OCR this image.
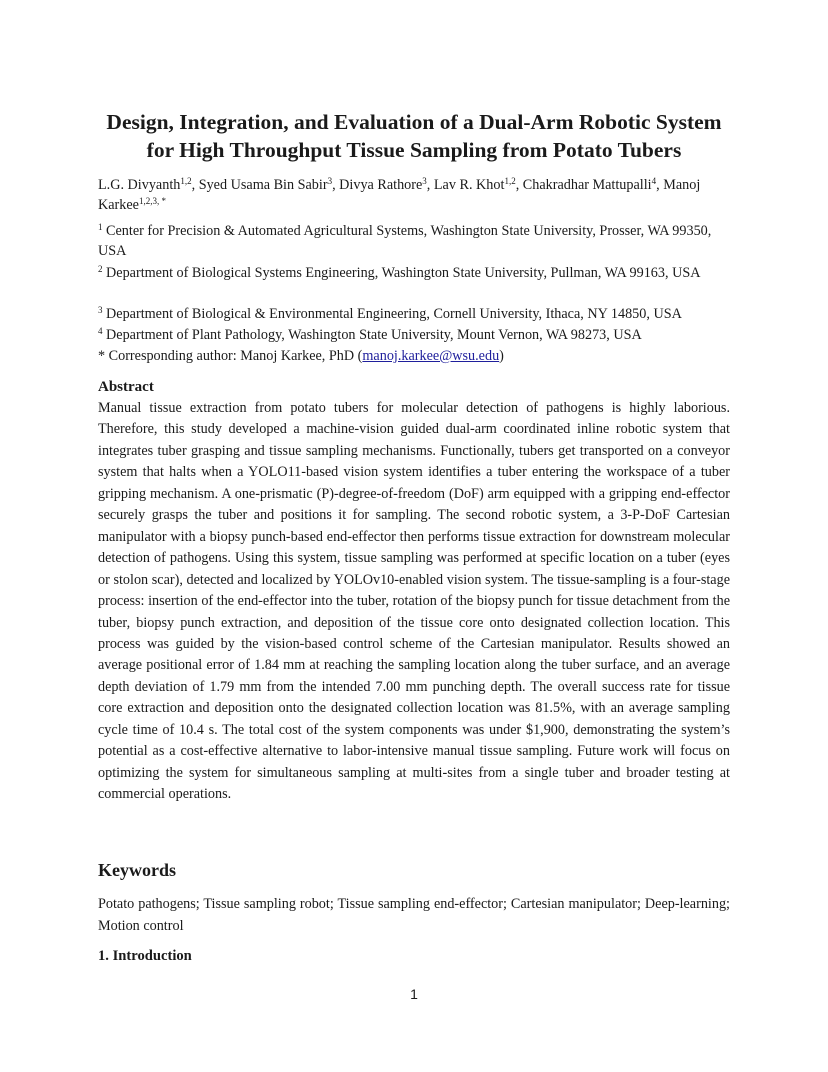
Design, Integration, and Evaluation of a Dual-Arm Robotic System
for High Throughput Tissue Sampling from Potato Tubers
L.G. Divyanth$^{1,2}$, Syed Usama Bin Sabir$^3$, Divya Rathore$^3$, Lav R. Khot$^{1,2}$, Chakradhar Mattupalli$^4$, Manoj Karkee$^{1,2,3, *}$
$^1$ Center for Precision & Automated Agricultural Systems, Washington State University, Prosser, WA 99350, USA
$^2$ Department of Biological Systems Engineering, Washington State University, Pullman, WA 99163, USA
$^3$ Department of Biological & Environmental Engineering, Cornell University, Ithaca, NY 14850, USA
$^4$ Department of Plant Pathology, Washington State University, Mount Vernon, WA 98273, USA
* Corresponding author: Manoj Karkee, PhD (manoj.karkee@wsu.edu)
Abstract
Manual tissue extraction from potato tubers for molecular detection of pathogens is highly laborious. Therefore, this study developed a machine-vision guided dual-arm coordinated inline robotic system that integrates tuber grasping and tissue sampling mechanisms. Functionally, tubers get transported on a conveyor system that halts when a YOLO11-based vision system identifies a tuber entering the workspace of a tuber gripping mechanism. A one-prismatic (P)-degree-of-freedom (DoF) arm equipped with a gripping end-effector securely grasps the tuber and positions it for sampling. The second robotic system, a 3-P-DoF Cartesian manipulator with a biopsy punch-based end-effector then performs tissue extraction for downstream molecular detection of pathogens. Using this system, tissue sampling was performed at specific location on a tuber (eyes or stolon scar), detected and localized by YOLOv10-enabled vision system. The tissue-sampling is a four-stage process: insertion of the end-effector into the tuber, rotation of the biopsy punch for tissue detachment from the tuber, biopsy punch extraction, and deposition of the tissue core onto designated collection location. This process was guided by the vision-based control scheme of the Cartesian manipulator. Results showed an average positional error of 1.84 mm at reaching the sampling location along the tuber surface, and an average depth deviation of 1.79 mm from the intended 7.00 mm punching depth. The overall success rate for tissue core extraction and deposition onto the designated collection location was 81.5%, with an average sampling cycle time of 10.4 s. The total cost of the system components was under $1,900, demonstrating the system’s potential as a cost-effective alternative to labor-intensive manual tissue sampling. Future work will focus on optimizing the system for simultaneous sampling at multi-sites from a single tuber and broader testing at commercial operations.
Keywords
Potato pathogens; Tissue sampling robot; Tissue sampling end-effector; Cartesian manipulator; Deep-learning; Motion control
1. Introduction
1
